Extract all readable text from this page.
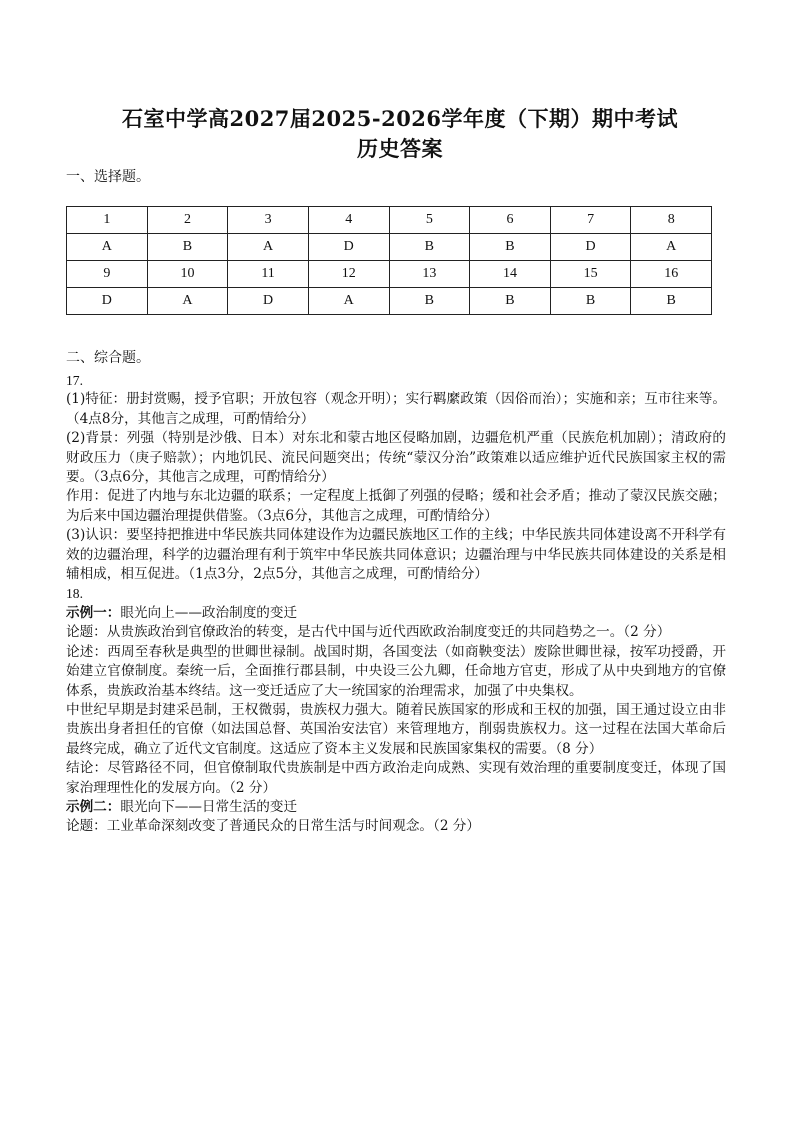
石室中学高2027届2025-2026学年度（下期）期中考试
历史答案

一、选择题。

1	2	3	4	5	6	7	8
A	B	A	D	B	B	D	A
9	10	11	12	13	14	15	16
D	A	D	A	B	B	B	B

二、综合题。

17.

(1)特征：册封赏赐，授予官职；开放包容（观念开明）；实行羁縻政策（因俗而治）；实施和亲；互市往来等。（4点8分，其他言之成理，可酌情给分）

(2)背景：列强（特别是沙俄、日本）对东北和蒙古地区侵略加剧，边疆危机严重（民族危机加剧）；清政府的财政压力（庚子赔款）；内地饥民、流民问题突出；传统“蒙汉分治”政策难以适应维护近代民族国家主权的需要。（3点6分，其他言之成理，可酌情给分）

作用：促进了内地与东北边疆的联系；一定程度上抵御了列强的侵略；缓和社会矛盾；推动了蒙汉民族交融；为后来中国边疆治理提供借鉴。（3点6分，其他言之成理，可酌情给分）

(3)认识：要坚持把推进中华民族共同体建设作为边疆民族地区工作的主线；中华民族共同体建设离不开科学有效的边疆治理，科学的边疆治理有利于筑牢中华民族共同体意识；边疆治理与中华民族共同体建设的关系是相辅相成，相互促进。（1点3分，2点5分，其他言之成理，可酌情给分）

18.

示例一：眼光向上——政治制度的变迁

论题：从贵族政治到官僚政治的转变，是古代中国与近代西欧政治制度变迁的共同趋势之一。（2 分）

论述：西周至春秋是典型的世卿世禄制。战国时期，各国变法（如商鞅变法）废除世卿世禄，按军功授爵，开始建立官僚制度。秦统一后，全面推行郡县制，中央设三公九卿，任命地方官吏，形成了从中央到地方的官僚体系，贵族政治基本终结。这一变迁适应了大一统国家的治理需求，加强了中央集权。

中世纪早期是封建采邑制，王权微弱，贵族权力强大。随着民族国家的形成和王权的加强，国王通过设立由非贵族出身者担任的官僚（如法国总督、英国治安法官）来管理地方，削弱贵族权力。这一过程在法国大革命后最终完成，确立了近代文官制度。这适应了资本主义发展和民族国家集权的需要。（8 分）

结论：尽管路径不同，但官僚制取代贵族制是中西方政治走向成熟、实现有效治理的重要制度变迁，体现了国家治理理性化的发展方向。（2 分）

示例二：眼光向下——日常生活的变迁

论题：工业革命深刻改变了普通民众的日常生活与时间观念。（2 分）
